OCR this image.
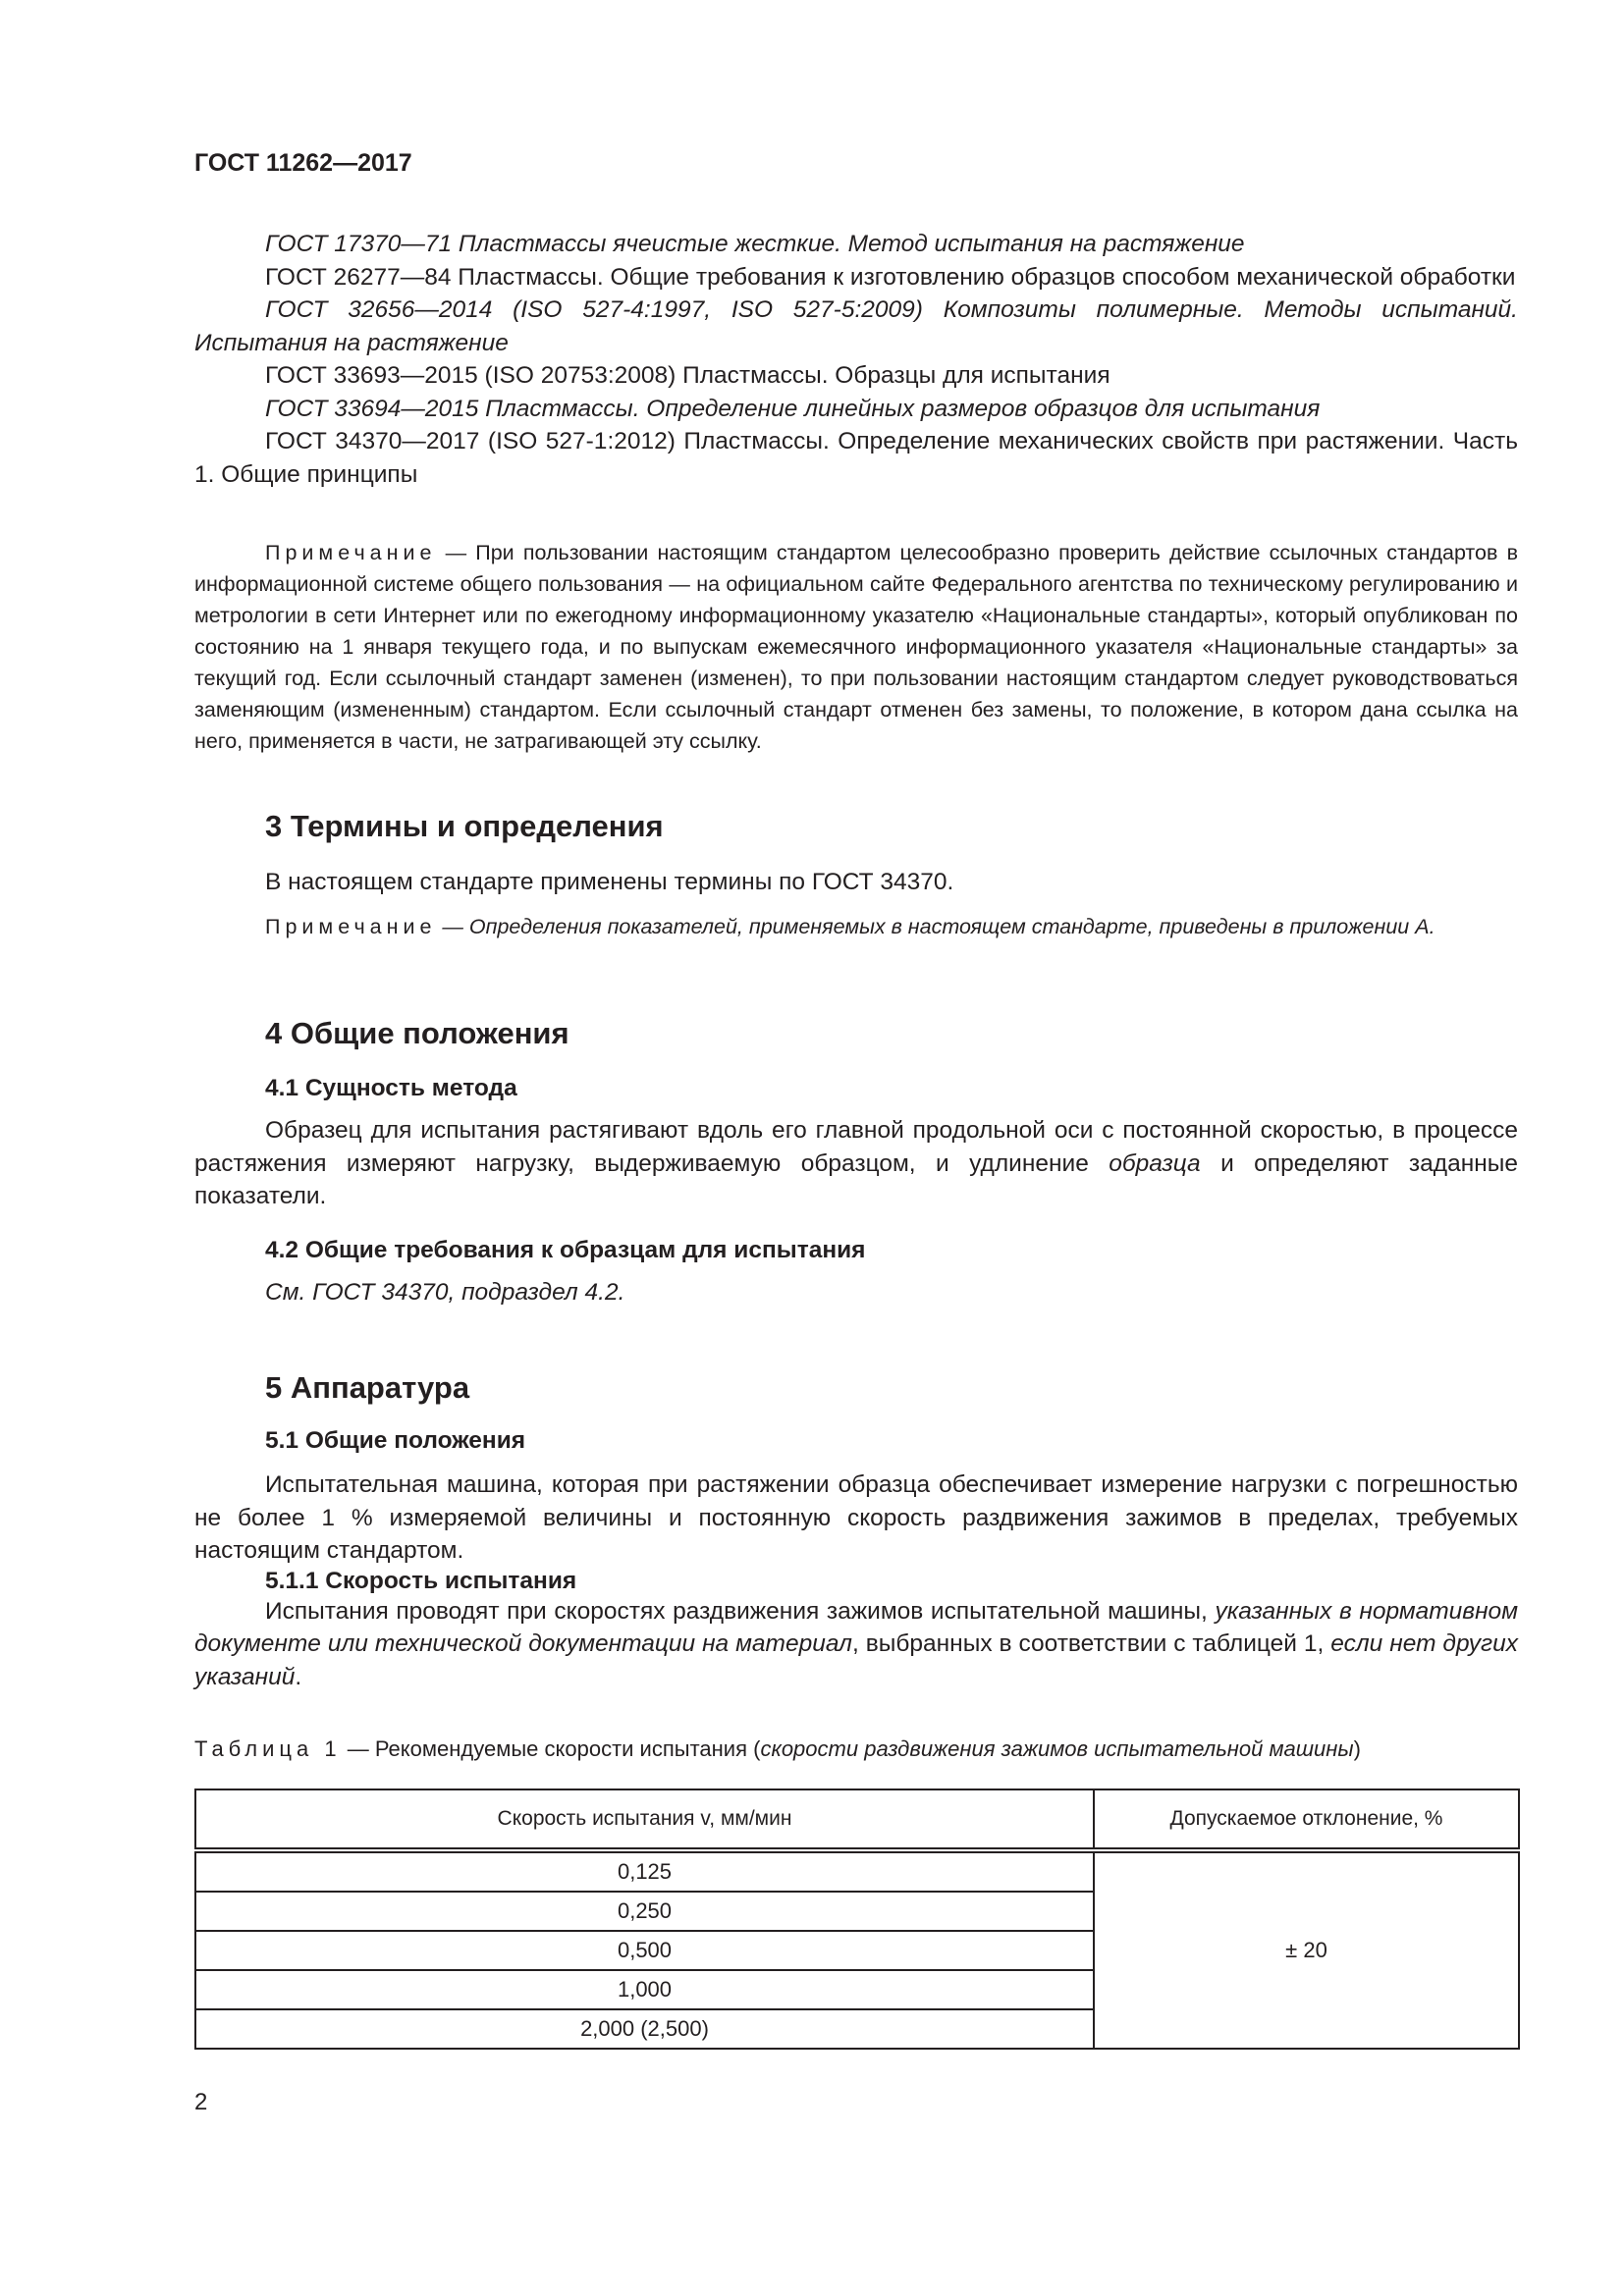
ГОСТ 11262—2017

ГОСТ 17370—71 Пластмассы ячеистые жесткие. Метод испытания на растяжение

ГОСТ 26277—84 Пластмассы. Общие требования к изготовлению образцов способом механической обработки

ГОСТ 32656—2014 (ISO 527-4:1997, ISO 527-5:2009) Композиты полимерные. Методы испытаний. Испытания на растяжение

ГОСТ 33693—2015 (ISO 20753:2008) Пластмассы. Образцы для испытания

ГОСТ 33694—2015 Пластмассы. Определение линейных размеров образцов для испытания

ГОСТ 34370—2017 (ISO 527-1:2012) Пластмассы. Определение механических свойств при растяжении. Часть 1. Общие принципы

Примечание — При пользовании настоящим стандартом целесообразно проверить действие ссылочных стандартов в информационной системе общего пользования — на официальном сайте Федерального агентства по техническому регулированию и метрологии в сети Интернет или по ежегодному информационному указателю «Национальные стандарты», который опубликован по состоянию на 1 января текущего года, и по выпускам ежемесячного информационного указателя «Национальные стандарты» за текущий год. Если ссылочный стандарт заменен (изменен), то при пользовании настоящим стандартом следует руководствоваться заменяющим (измененным) стандартом. Если ссылочный стандарт отменен без замены, то положение, в котором дана ссылка на него, применяется в части, не затрагивающей эту ссылку.

3 Термины и определения

В настоящем стандарте применены термины по ГОСТ 34370.

Примечание — Определения показателей, применяемых в настоящем стандарте, приведены в приложении А.

4 Общие положения

4.1 Сущность метода

Образец для испытания растягивают вдоль его главной продольной оси с постоянной скоростью, в процессе растяжения измеряют нагрузку, выдерживаемую образцом, и удлинение образца и определяют заданные показатели.

4.2 Общие требования к образцам для испытания

См. ГОСТ 34370, подраздел 4.2.

5 Аппаратура

5.1 Общие положения

Испытательная машина, которая при растяжении образца обеспечивает измерение нагрузки с погрешностью не более 1 % измеряемой величины и постоянную скорость раздвижения зажимов в пределах, требуемых настоящим стандартом.

5.1.1 Скорость испытания

Испытания проводят при скоростях раздвижения зажимов испытательной машины, указанных в нормативном документе или технической документации на материал, выбранных в соответствии с таблицей 1, если нет других указаний.

Таблица 1 — Рекомендуемые скорости испытания (скорости раздвижения зажимов испытательной машины)

Скорость испытания v, мм/мин	Допускаемое отклонение, %
0,125	± 20
0,250	
0,500	
1,000	
2,000 (2,500)	
2
